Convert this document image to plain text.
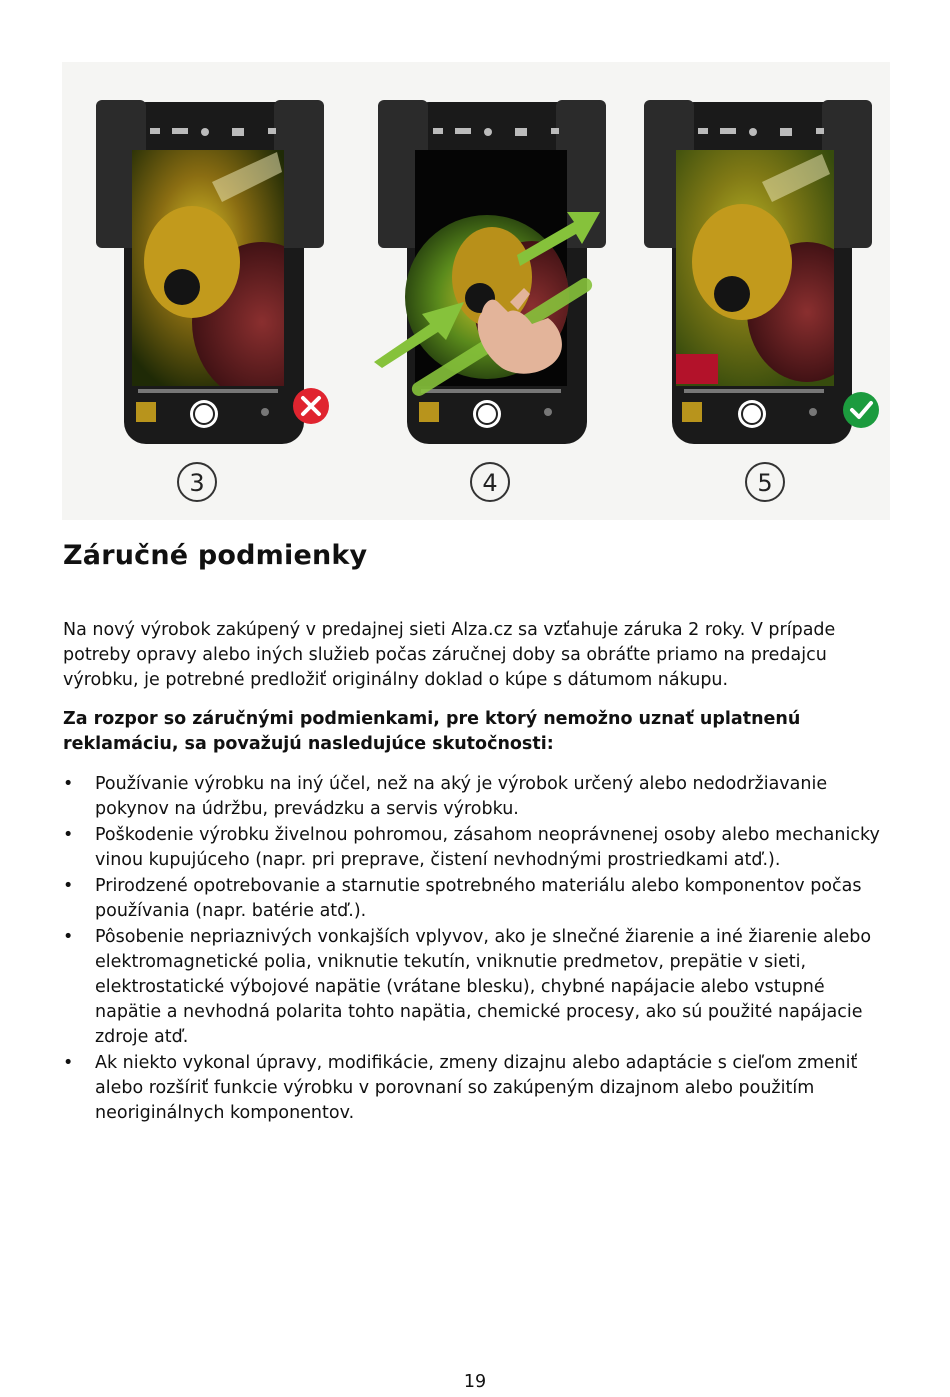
3	4	5
Záručné podmienky

Na nový výrobok zakúpený v predajnej sieti Alza.cz sa vzťahuje záruka 2 roky. V prípade potreby opravy alebo iných služieb počas záručnej doby sa obráťte priamo na predajcu výrobku, je potrebné predložiť originálny doklad o kúpe s dátumom nákupu.

Za rozpor so záručnými podmienkami, pre ktorý nemožno uznať uplatnenú reklamáciu, sa považujú nasledujúce skutočnosti:

• Používanie výrobku na iný účel, než na aký je výrobok určený alebo nedodržiavanie pokynov na údržbu, prevádzku a servis výrobku.
• Poškodenie výrobku živelnou pohromou, zásahom neoprávnenej osoby alebo mechanicky vinou kupujúceho (napr. pri preprave, čistení nevhodnými prostriedkami atď.).
• Prirodzené opotrebovanie a starnutie spotrebného materiálu alebo komponentov počas používania (napr. batérie atď.).
• Pôsobenie nepriaznivých vonkajších vplyvov, ako je slnečné žiarenie a iné žiarenie alebo elektromagnetické polia, vniknutie tekutín, vniknutie predmetov, prepätie v sieti, elektrostatické výbojové napätie (vrátane blesku), chybné napájacie alebo vstupné napätie a nevhodná polarita tohto napätia, chemické procesy, ako sú použité napájacie zdroje atď.
• Ak niekto vykonal úpravy, modifikácie, zmeny dizajnu alebo adaptácie s cieľom zmeniť alebo rozšíriť funkcie výrobku v porovnaní so zakúpeným dizajnom alebo použitím neoriginálnych komponentov.
19
